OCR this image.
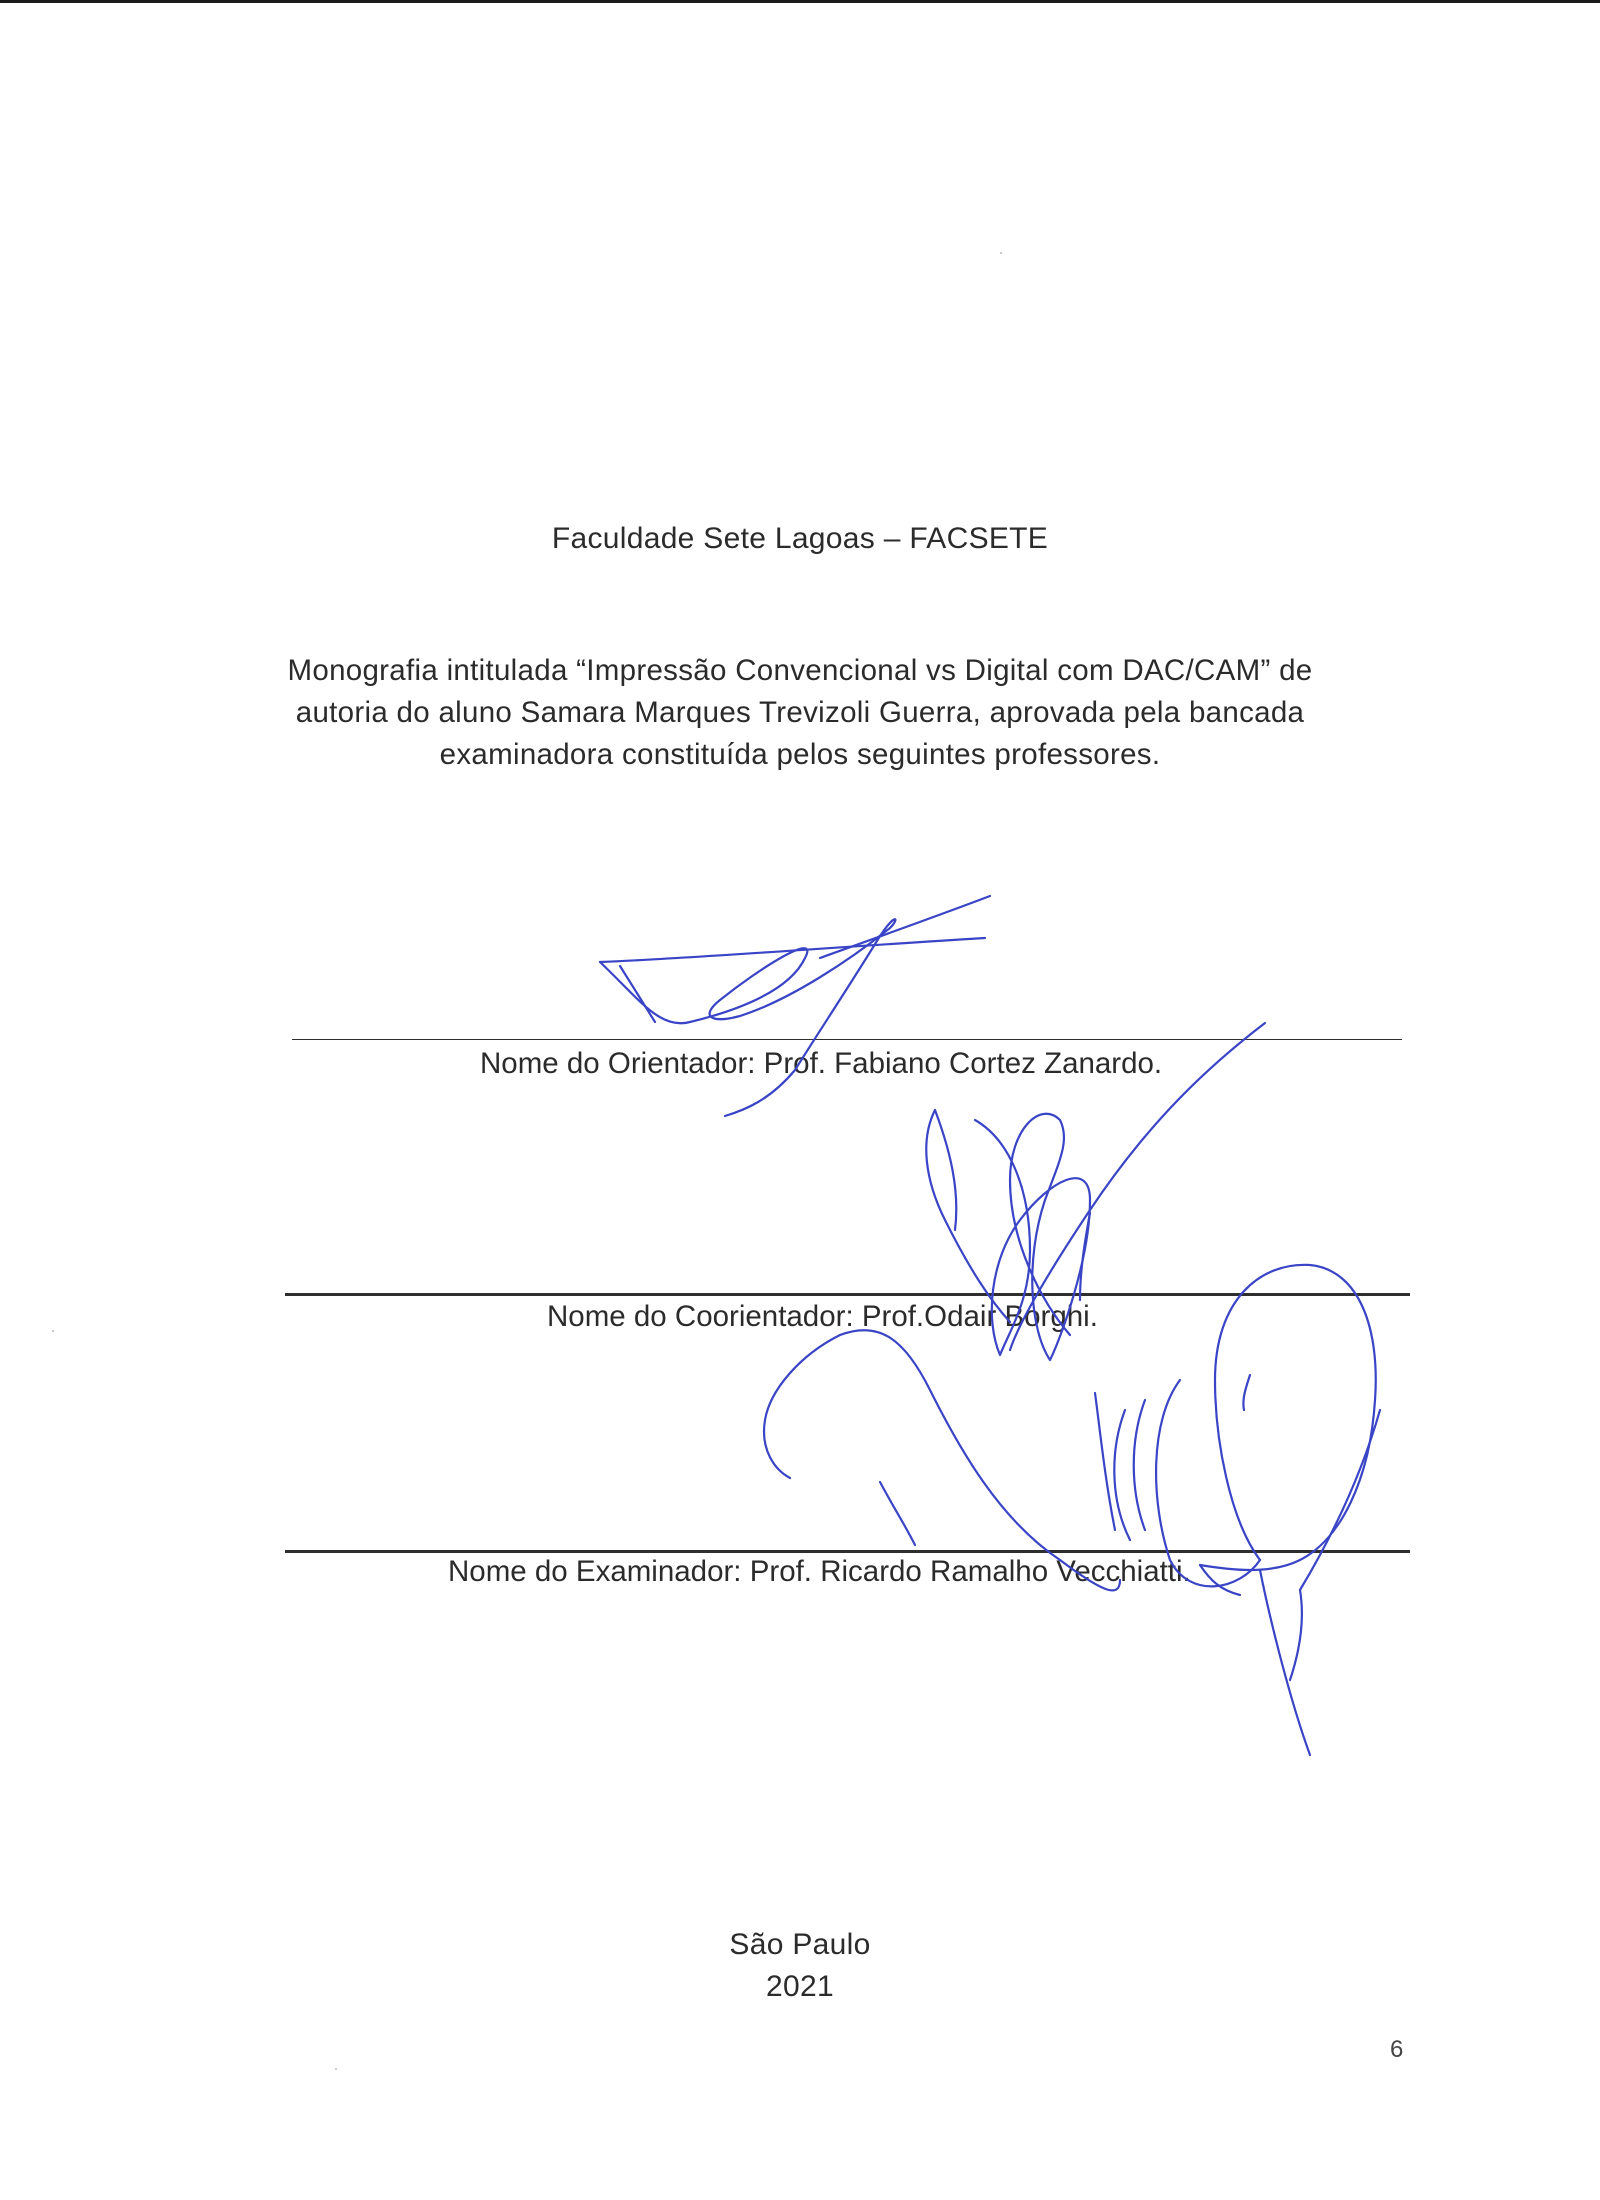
Faculdade Sete Lagoas – FACSETE
Monografia intitulada “Impressão Convencional vs Digital com DAC/CAM” de
autoria do aluno Samara Marques Trevizoli Guerra, aprovada pela bancada
examinadora constituída pelos seguintes professores.
Nome do Orientador: Prof. Fabiano Cortez Zanardo.
Nome do Coorientador: Prof.Odair Borghi.
Nome do Examinador: Prof. Ricardo Ramalho Vecchiatti.
São Paulo
2021
6
